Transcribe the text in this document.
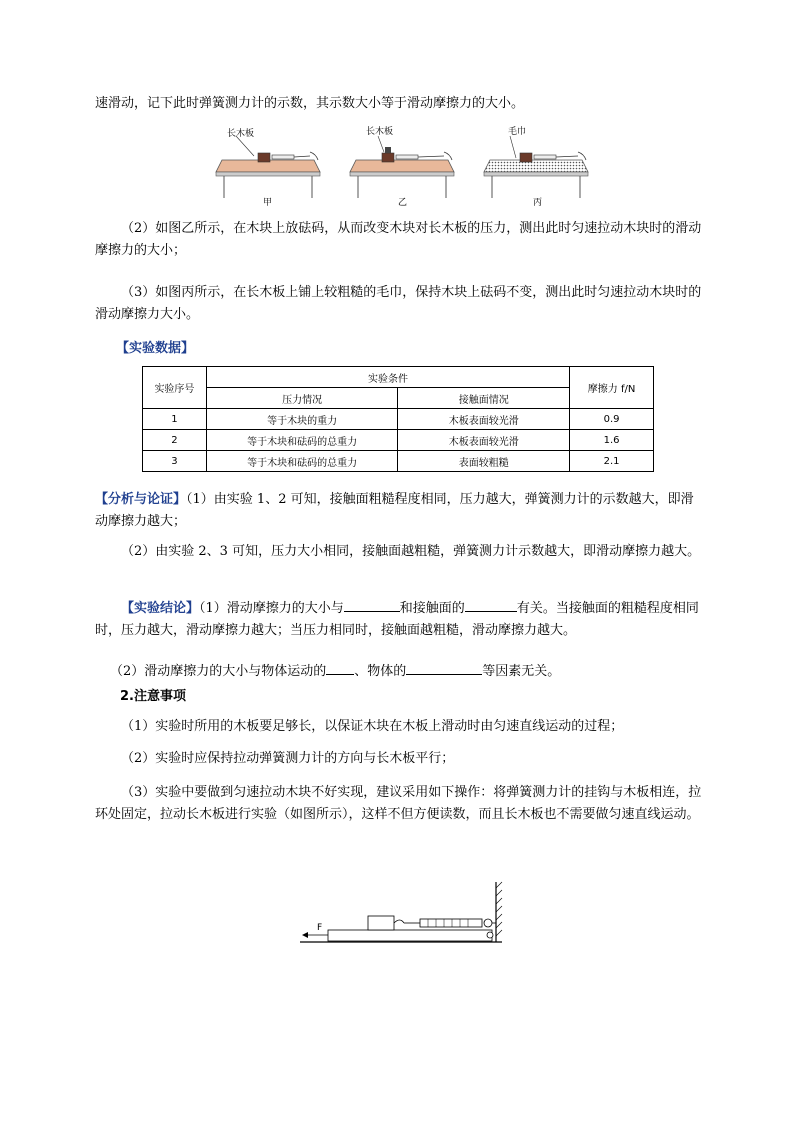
速滑动，记下此时弹簧测力计的示数，其示数大小等于滑动摩擦力的大小。

长木板
甲
长木板
乙
毛巾
丙

（2）如图乙所示，在木块上放砝码，从而改变木块对长木板的压力，测出此时匀速拉动木块时的滑动摩擦力的大小；

（3）如图丙所示，在长木板上铺上较粗糙的毛巾，保持木块上砝码不变，测出此时匀速拉动木块时的滑动摩擦力大小。

【实验数据】

实验序号	实验条件		摩擦力 f/N
	压力情况	接触面情况	
1	等于木块的重力	木板表面较光滑	0.9
2	等于木块和砝码的总重力	木板表面较光滑	1.6
3	等于木块和砝码的总重力	表面较粗糙	2.1

【分析与论证】（1）由实验 1、2 可知，接触面粗糙程度相同，压力越大，弹簧测力计的示数越大，即滑动摩擦力越大；

（2）由实验 2、3 可知，压力大小相同，接触面越粗糙，弹簧测力计示数越大，即滑动摩擦力越大。

【实验结论】（1）滑动摩擦力的大小与	和接触面的	有关。当接触面的粗糙程度相同时，压力越大，滑动摩擦力越大；当压力相同时，接触面越粗糙，滑动摩擦力越大。

（2）滑动摩擦力的大小与物体运动的 、物体的	等因素无关。

2.注意事项

（1）实验时所用的木板要足够长，以保证木块在木板上滑动时由匀速直线运动的过程；

（2）实验时应保持拉动弹簧测力计的方向与长木板平行；

（3）实验中要做到匀速拉动木块不好实现，建议采用如下操作：将弹簧测力计的挂钩与木板相连，拉环处固定，拉动长木板进行实验（如图所示），这样不但方便读数，而且长木板也不需要做匀速直线运动。

F
